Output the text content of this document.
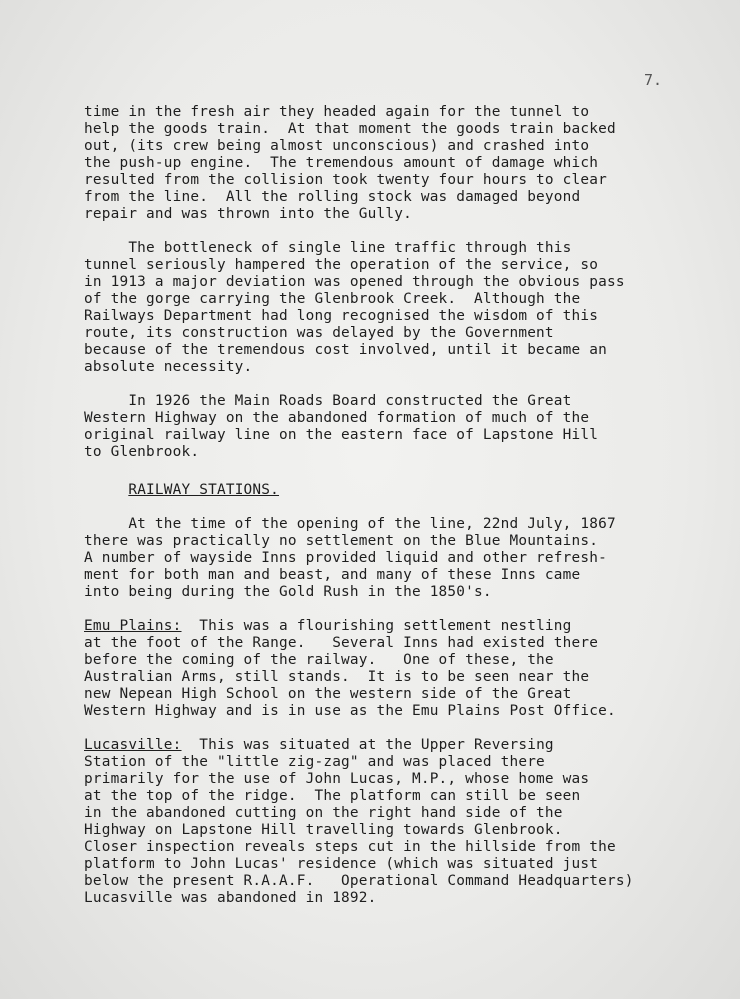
7.
time in the fresh air they headed again for the tunnel to
help the goods train.  At that moment the goods train backed
out, (its crew being almost unconscious) and crashed into
the push-up engine.  The tremendous amount of damage which
resulted from the collision took twenty four hours to clear
from the line.  All the rolling stock was damaged beyond
repair and was thrown into the Gully.
The bottleneck of single line traffic through this
tunnel seriously hampered the operation of the service, so
in 1913 a major deviation was opened through the obvious pass
of the gorge carrying the Glenbrook Creek.  Although the
Railways Department had long recognised the wisdom of this
route, its construction was delayed by the Government
because of the tremendous cost involved, until it became an
absolute necessity.
In 1926 the Main Roads Board constructed the Great
Western Highway on the abandoned formation of much of the
original railway line on the eastern face of Lapstone Hill
to Glenbrook.
RAILWAY STATIONS.
At the time of the opening of the line, 22nd July, 1867
there was practically no settlement on the Blue Mountains.
A number of wayside Inns provided liquid and other refresh-
ment for both man and beast, and many of these Inns came
into being during the Gold Rush in the 1850's.
Emu Plains:  This was a flourishing settlement nestling
at the foot of the Range.   Several Inns had existed there
before the coming of the railway.   One of these, the
Australian Arms, still stands.  It is to be seen near the
new Nepean High School on the western side of the Great
Western Highway and is in use as the Emu Plains Post Office.
Lucasville:  This was situated at the Upper Reversing
Station of the "little zig-zag" and was placed there
primarily for the use of John Lucas, M.P., whose home was
at the top of the ridge.  The platform can still be seen
in the abandoned cutting on the right hand side of the
Highway on Lapstone Hill travelling towards Glenbrook.
Closer inspection reveals steps cut in the hillside from the
platform to John Lucas' residence (which was situated just
below the present R.A.A.F.   Operational Command Headquarters)
Lucasville was abandoned in 1892.
